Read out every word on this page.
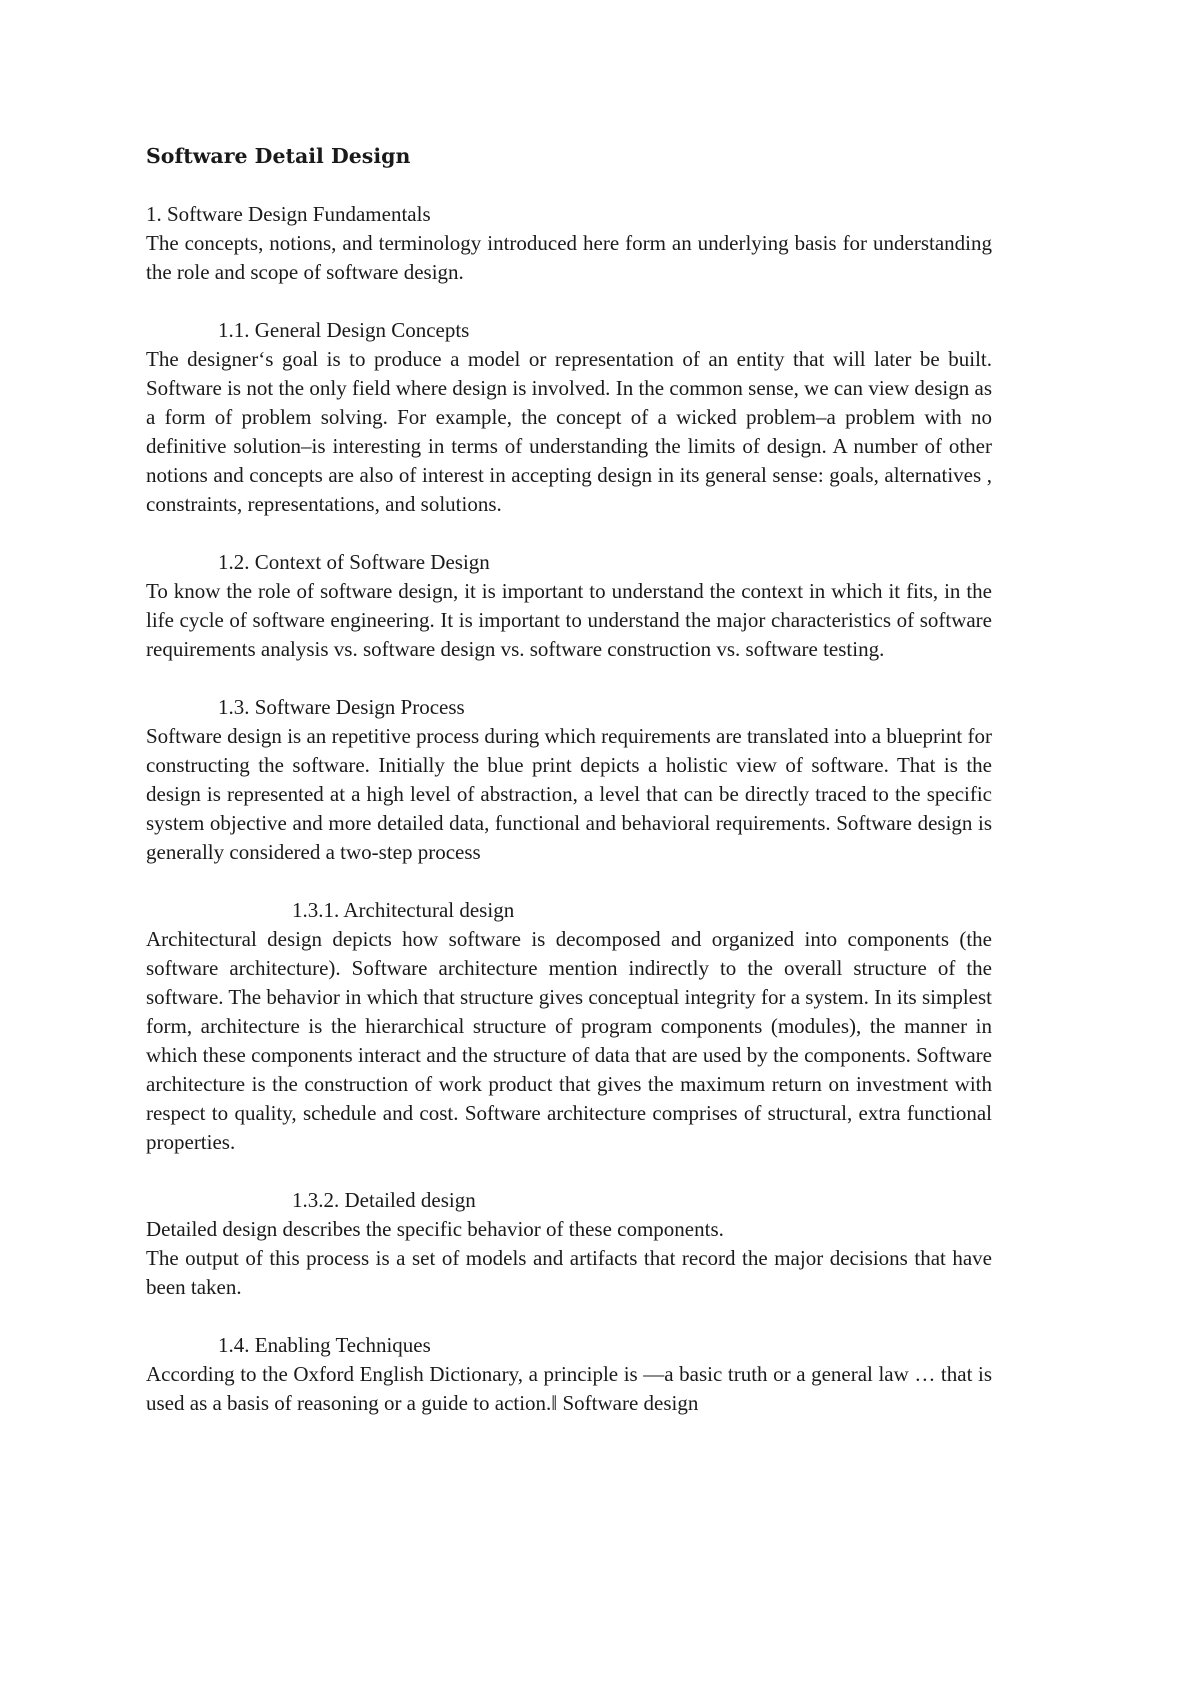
Software Detail Design

1. Software Design Fundamentals

The concepts, notions, and terminology introduced here form an underlying basis for understanding the role and scope of software design.

1.1. General Design Concepts

The designer‘s goal is to produce a model or representation of an entity that will later be built. Software is not the only field where design is involved. In the common sense, we can view design as a form of problem solving. For example, the concept of a wicked problem–a problem with no definitive solution–is interesting in terms of understanding the limits of design. A number of other notions and concepts are also of interest in accepting design in its general sense: goals, alternatives , constraints, representations, and solutions.

1.2. Context of Software Design

To know the role of software design, it is important to understand the context in which it fits, in the life cycle of software engineering. It is important to understand the major characteristics of software requirements analysis vs. software design vs. software construction vs. software testing.

1.3. Software Design Process

Software design is an repetitive process during which requirements are translated into a blueprint for constructing the software. Initially the blue print depicts a holistic view of software. That is the design is represented at a high level of abstraction, a level that can be directly traced to the specific system objective and more detailed data, functional and behavioral requirements. Software design is generally considered a two-step process

1.3.1. Architectural design

Architectural design depicts how software is decomposed and organized into components (the software architecture). Software architecture mention indirectly to the overall structure of the software. The behavior in which that structure gives conceptual integrity for a system. In its simplest form, architecture is the hierarchical structure of program components (modules), the manner in which these components interact and the structure of data that are used by the components. Software architecture is the construction of work product that gives the maximum return on investment with respect to quality, schedule and cost. Software architecture comprises of structural, extra functional properties.

1.3.2. Detailed design

Detailed design describes the specific behavior of these components.

The output of this process is a set of models and artifacts that record the major decisions that have been taken.

1.4. Enabling Techniques

According to the Oxford English Dictionary, a principle is ―a basic truth or a general law … that is used as a basis of reasoning or a guide to action.‖ Software design
